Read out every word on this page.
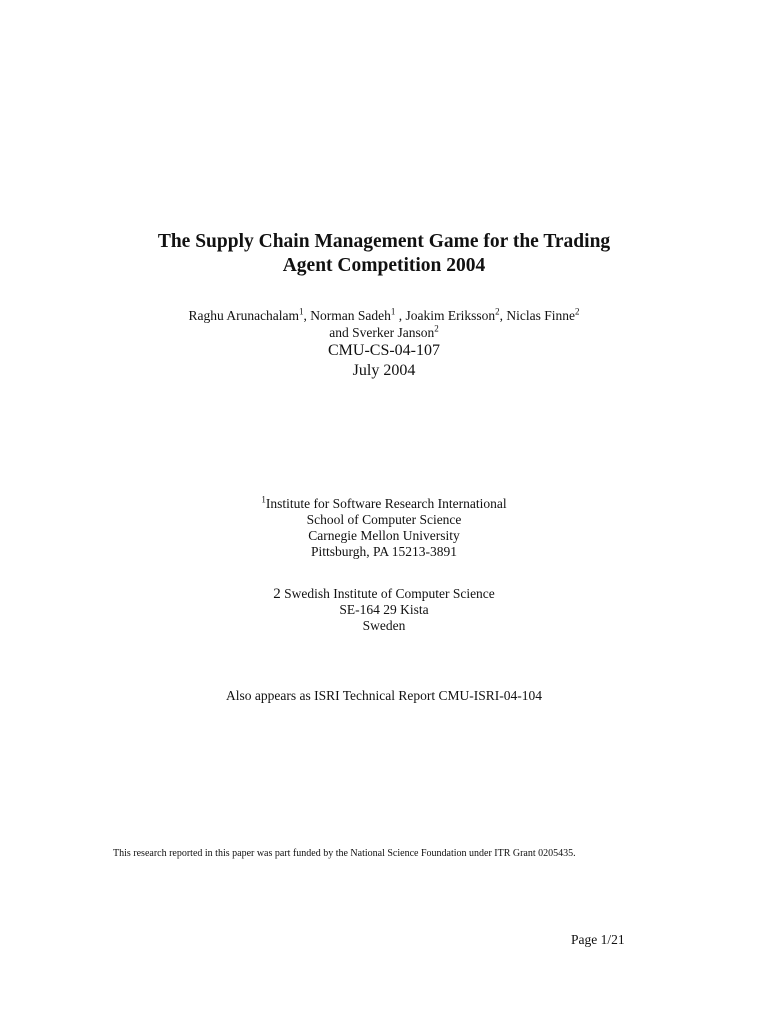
The Supply Chain Management Game for the Trading
Agent Competition 2004
Raghu Arunachalam$^1$, Norman Sadeh$^1$ , Joakim Eriksson$^2$, Niclas Finne$^2$
and Sverker Janson$^2$
CMU-CS-04-107
July 2004
$^1$Institute for Software Research International
School of Computer Science
Carnegie Mellon University
Pittsburgh, PA 15213-3891
2 Swedish Institute of Computer Science
SE-164 29 Kista
Sweden
Also appears as ISRI Technical Report CMU-ISRI-04-104
This research reported in this paper was part funded by the National Science Foundation under ITR Grant 0205435.
Page 1/21
